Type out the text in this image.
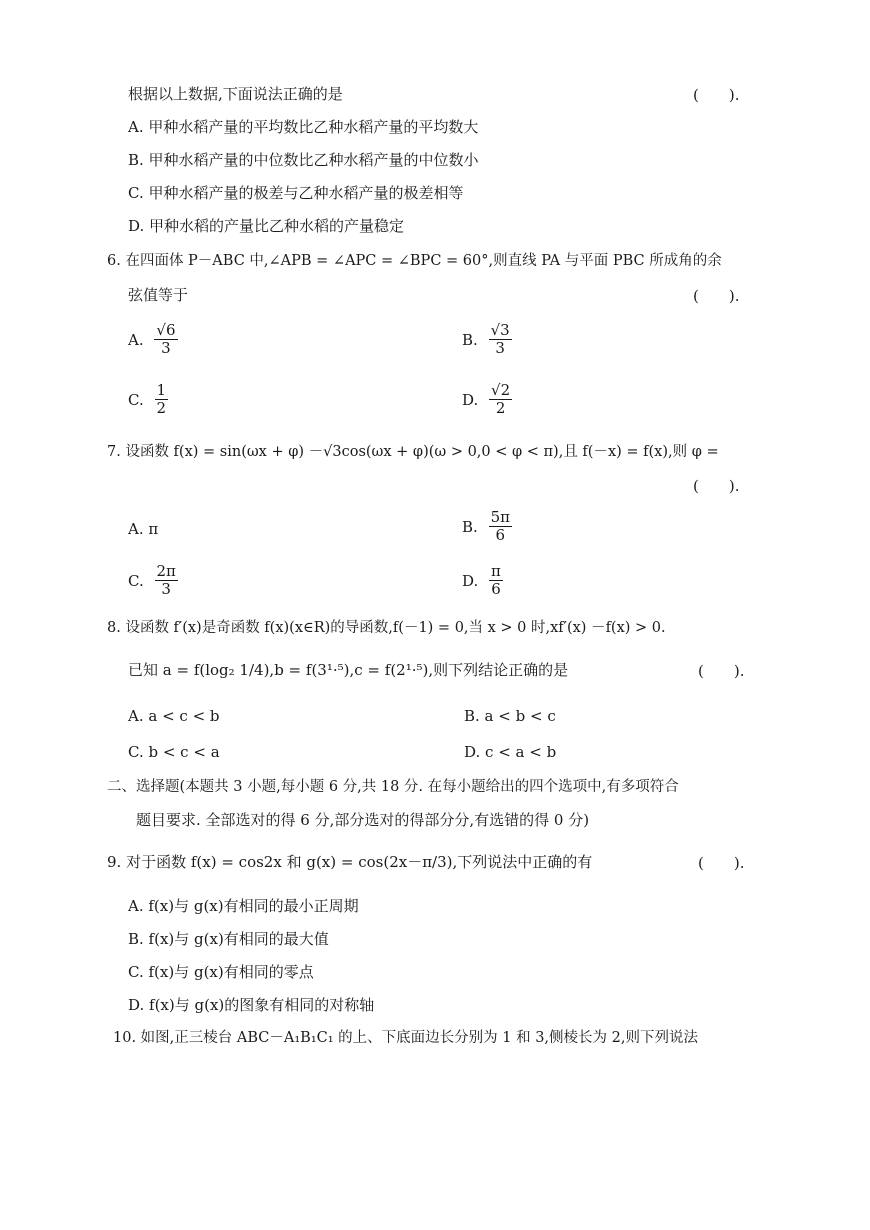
根据以上数据,下面说法正确的是	(　　).
A. 甲种水稻产量的平均数比乙种水稻产量的平均数大
B. 甲种水稻产量的中位数比乙种水稻产量的中位数小
C. 甲种水稻产量的极差与乙种水稻产量的极差相等
D. 甲种水稻的产量比乙种水稻的产量稳定
6. 在四面体 P－ABC 中,∠APB = ∠APC = ∠BPC = 60°,则直线 PA 与平面 PBC 所成角的余
弦值等于	(　　).
A. $\frac{√6}{3}$	B. $\frac{√3}{3}$
C. $\frac{1}{2}$	D. $\frac{√2}{2}$
7. 设函数 f(x) = sin(ωx + φ) －√3cos(ωx + φ)(ω > 0,0 < φ < π),且 f(－x) = f(x),则 φ =
(　　).
A. π	B. $\frac{5\pi}{6}$
C. $\frac{2\pi}{3}$	D. $\frac{\pi}{6}$
8. 设函数 f′(x)是奇函数 f(x)(x∈R)的导函数,f(－1) = 0,当 x > 0 时,xf′(x) －f(x) > 0.
已知 a = f(log₂ 1/4),b = f(3¹·⁵),c = f(2¹·⁵),则下列结论正确的是	(　　).
A. a < c < b	B. a < b < c
C. b < c < a	D. c < a < b
二、选择题(本题共 3 小题,每小题 6 分,共 18 分. 在每小题给出的四个选项中,有多项符合
题目要求. 全部选对的得 6 分,部分选对的得部分分,有选错的得 0 分)
9. 对于函数 f(x) = cos2x 和 g(x) = cos(2x－π/3),下列说法中正确的有	(　　).
A. f(x)与 g(x)有相同的最小正周期
B. f(x)与 g(x)有相同的最大值
C. f(x)与 g(x)有相同的零点
D. f(x)与 g(x)的图象有相同的对称轴
10. 如图,正三棱台 ABC－A₁B₁C₁ 的上、下底面边长分别为 1 和 3,侧棱长为 2,则下列说法
